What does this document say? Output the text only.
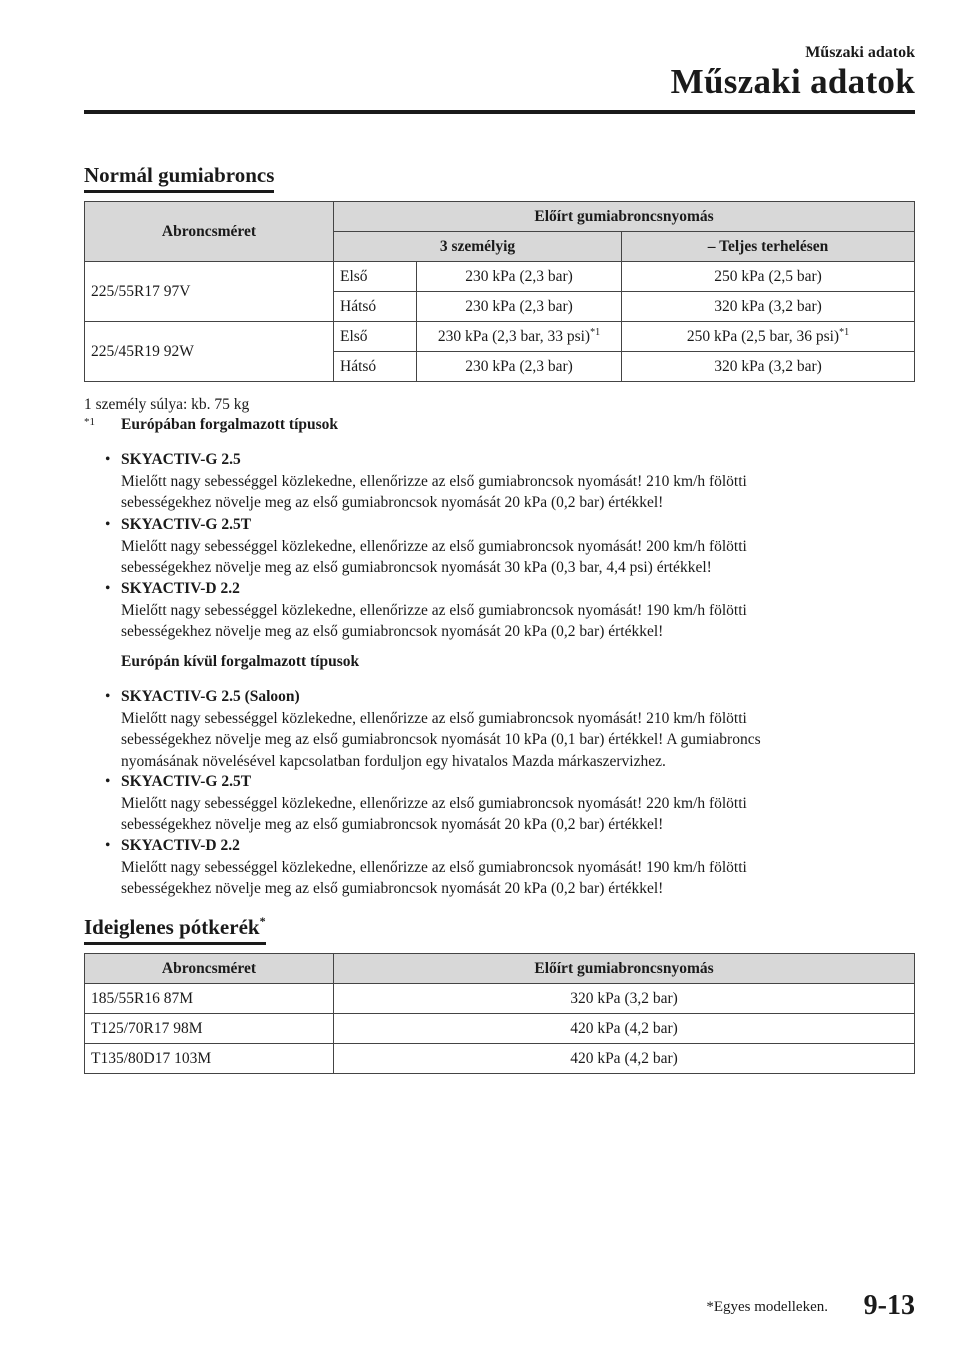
Műszaki adatok
Műszaki adatok
Normál gumiabroncs
Abroncsméret	Előírt gumiabroncsnyomás		
	3 személyig		– Teljes terhelésen
225/55R17 97V	Első	230 kPa (2,3 bar)	250 kPa (2,5 bar)
	Hátsó	230 kPa (2,3 bar)	320 kPa (3,2 bar)
225/45R19 92W	Első	230 kPa (2,3 bar, 33 psi)$^{*1}$	250 kPa (2,5 bar, 36 psi)$^{*1}$
	Hátsó	230 kPa (2,3 bar)	320 kPa (3,2 bar)
1 személy súlya: kb. 75 kg
$^{*1}$ Európában forgalmazott típusok
• SKYACTIV-G 2.5
Mielőtt nagy sebességgel közlekedne, ellenőrizze az első gumiabroncsok nyomását! 210 km/h fölötti
sebességekhez növelje meg az első gumiabroncsok nyomását 20 kPa (0,2 bar) értékkel!
• SKYACTIV-G 2.5T
Mielőtt nagy sebességgel közlekedne, ellenőrizze az első gumiabroncsok nyomását! 200 km/h fölötti
sebességekhez növelje meg az első gumiabroncsok nyomását 30 kPa (0,3 bar, 4,4 psi) értékkel!
• SKYACTIV-D 2.2
Mielőtt nagy sebességgel közlekedne, ellenőrizze az első gumiabroncsok nyomását! 190 km/h fölötti
sebességekhez növelje meg az első gumiabroncsok nyomását 20 kPa (0,2 bar) értékkel!
Európán kívül forgalmazott típusok
• SKYACTIV-G 2.5 (Saloon)
Mielőtt nagy sebességgel közlekedne, ellenőrizze az első gumiabroncsok nyomását! 210 km/h fölötti
sebességekhez növelje meg az első gumiabroncsok nyomását 10 kPa (0,1 bar) értékkel! A gumiabroncs
nyomásának növelésével kapcsolatban forduljon egy hivatalos Mazda márkaszervizhez.
• SKYACTIV-G 2.5T
Mielőtt nagy sebességgel közlekedne, ellenőrizze az első gumiabroncsok nyomását! 220 km/h fölötti
sebességekhez növelje meg az első gumiabroncsok nyomását 20 kPa (0,2 bar) értékkel!
• SKYACTIV-D 2.2
Mielőtt nagy sebességgel közlekedne, ellenőrizze az első gumiabroncsok nyomását! 190 km/h fölötti
sebességekhez növelje meg az első gumiabroncsok nyomását 20 kPa (0,2 bar) értékkel!
Ideiglenes pótkerék*
Abroncsméret	Előírt gumiabroncsnyomás
185/55R16 87M	320 kPa (3,2 bar)
T125/70R17 98M	420 kPa (4,2 bar)
T135/80D17 103M	420 kPa (4,2 bar)
*Egyes modelleken. 9-13
